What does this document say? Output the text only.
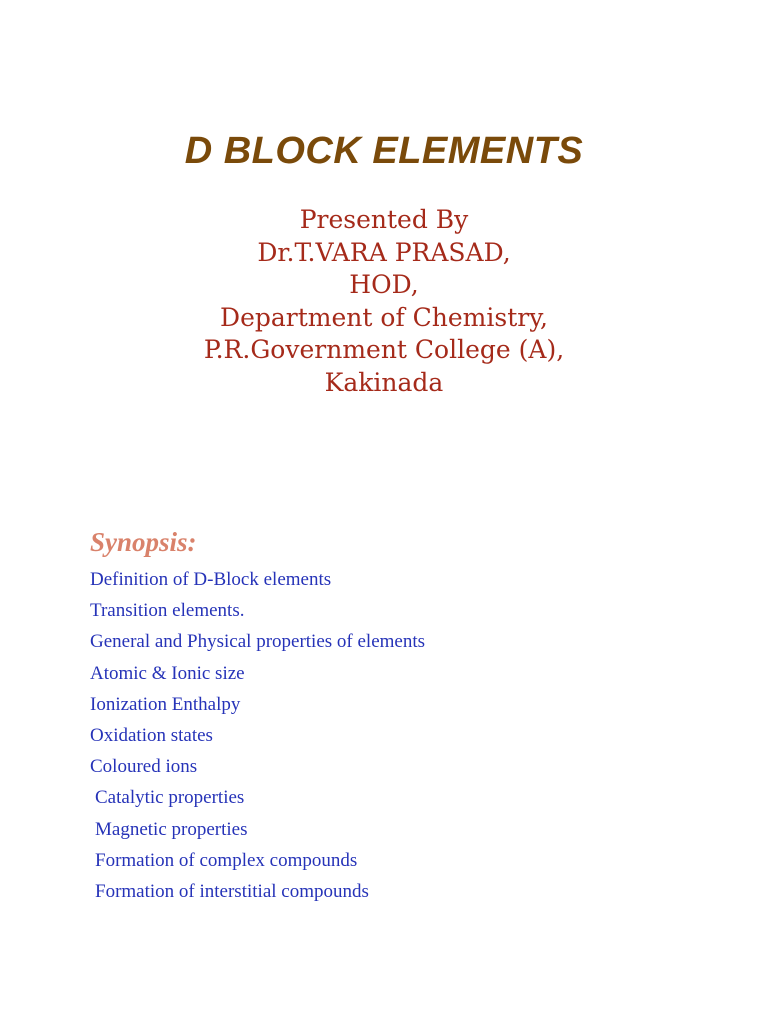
D BLOCK ELEMENTS
Presented By
Dr.T.VARA PRASAD,
HOD,
Department of Chemistry,
P.R.Government College (A),
Kakinada
Synopsis:
Definition of D-Block elements
Transition elements.
General and Physical properties of elements
Atomic & Ionic size
Ionization Enthalpy
Oxidation states
Coloured ions
Catalytic properties
Magnetic properties
Formation of complex compounds
Formation of interstitial compounds
